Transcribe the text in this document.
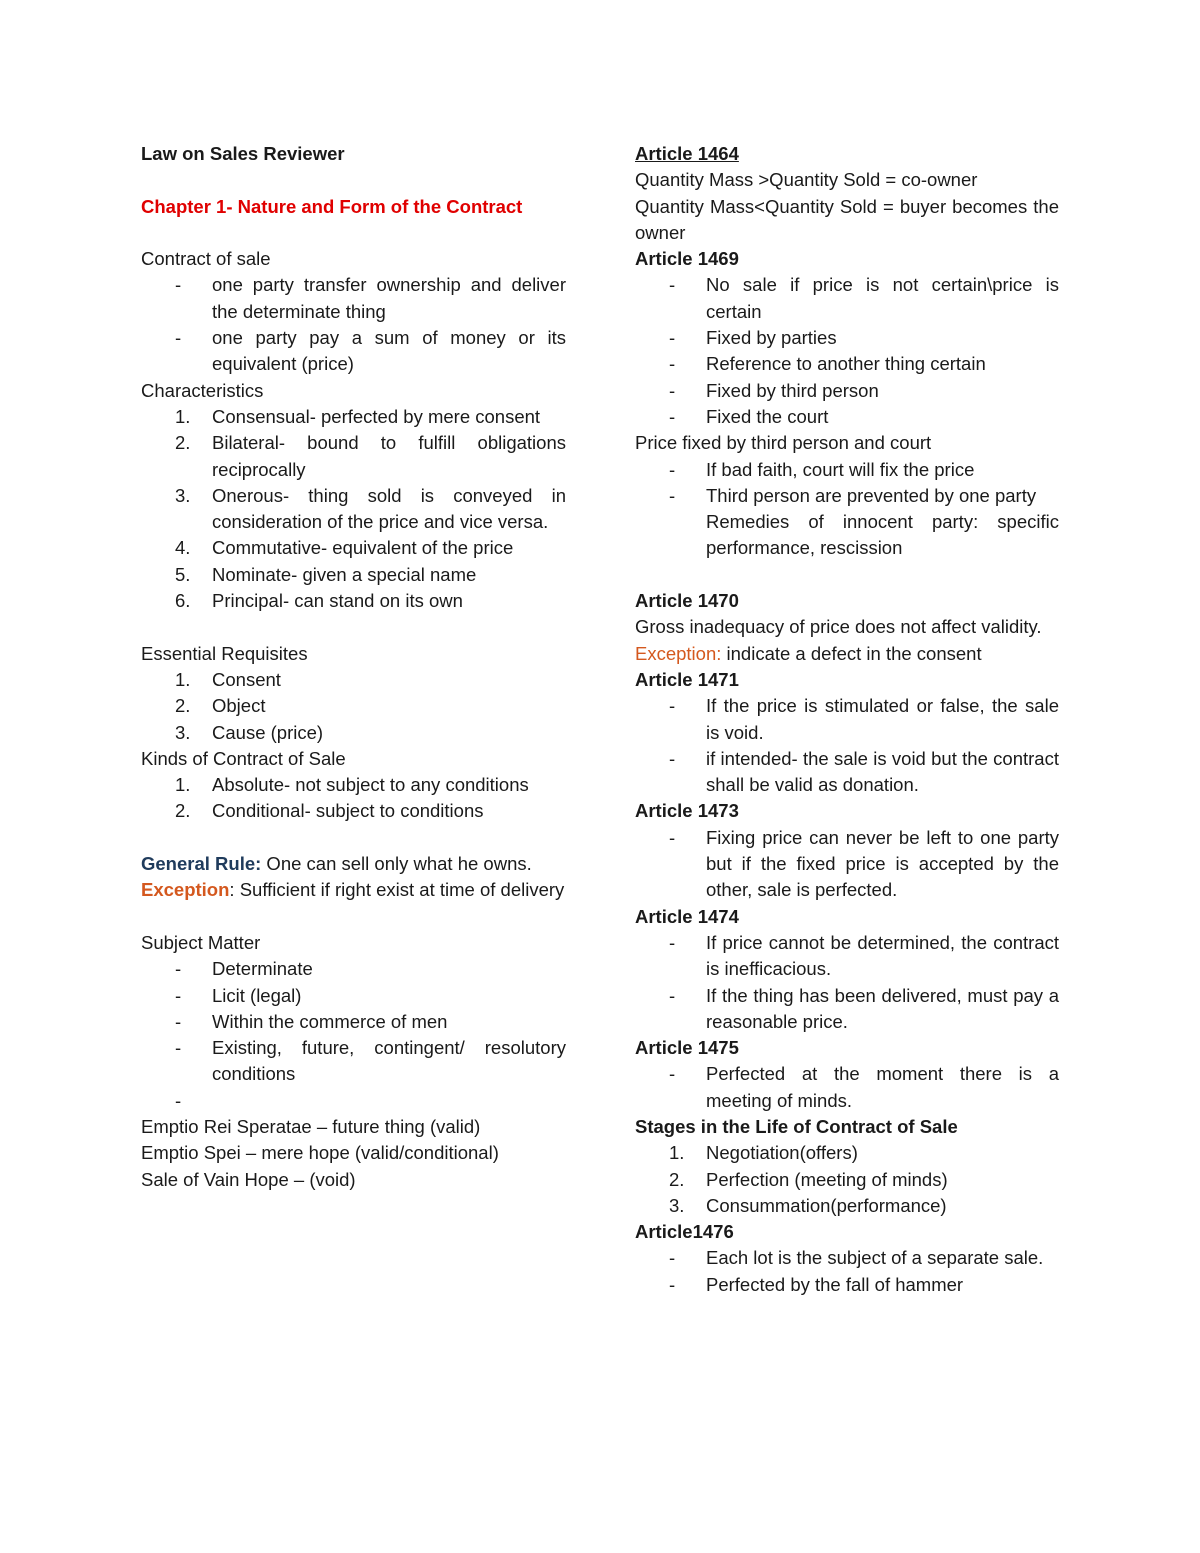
Law on Sales Reviewer

Chapter 1- Nature and Form of the Contract

Contract of sale

- one party transfer ownership and deliver the determinate thing
- one party pay a sum of money or its equivalent (price)

Characteristics

1. Consensual- perfected by mere consent
2. Bilateral- bound to fulfill obligations reciprocally
3. Onerous- thing sold is conveyed in consideration of the price and vice versa.
4. Commutative- equivalent of the price
5. Nominate- given a special name
6. Principal- can stand on its own

Essential Requisites

1. Consent
2. Object
3. Cause (price)

Kinds of Contract of Sale

1. Absolute- not subject to any conditions
2. Conditional- subject to conditions

General Rule: One can sell only what he owns.

Exception: Sufficient if right exist at time of delivery

Subject Matter

- Determinate
- Licit (legal)
- Within the commerce of men
- Existing, future, contingent/ resolutory conditions
-

Emptio Rei Speratae – future thing (valid)

Emptio Spei – mere hope (valid/conditional)

Sale of Vain Hope – (void)

Article 1464

Quantity Mass >Quantity Sold = co-owner

Quantity Mass<Quantity Sold = buyer becomes the owner

Article 1469

- No sale if price is not certain\price is certain
- Fixed by parties
- Reference to another thing certain
- Fixed by third person
- Fixed the court

Price fixed by third person and court

- If bad faith, court will fix the price
- Third person are prevented by one party
Remedies of innocent party: specific performance, rescission

Article 1470

Gross inadequacy of price does not affect validity.

Exception: indicate a defect in the consent

Article 1471

- If the price is stimulated or false, the sale is void.
- if intended- the sale is void but the contract shall be valid as donation.

Article 1473

- Fixing price can never be left to one party but if the fixed price is accepted by the other, sale is perfected.

Article 1474

- If price cannot be determined, the contract is inefficacious.
- If the thing has been delivered, must pay a reasonable price.

Article 1475

- Perfected at the moment there is a meeting of minds.

Stages in the Life of Contract of Sale

1. Negotiation(offers)
2. Perfection (meeting of minds)
3. Consummation(performance)

Article1476

- Each lot is the subject of a separate sale.
- Perfected by the fall of hammer
